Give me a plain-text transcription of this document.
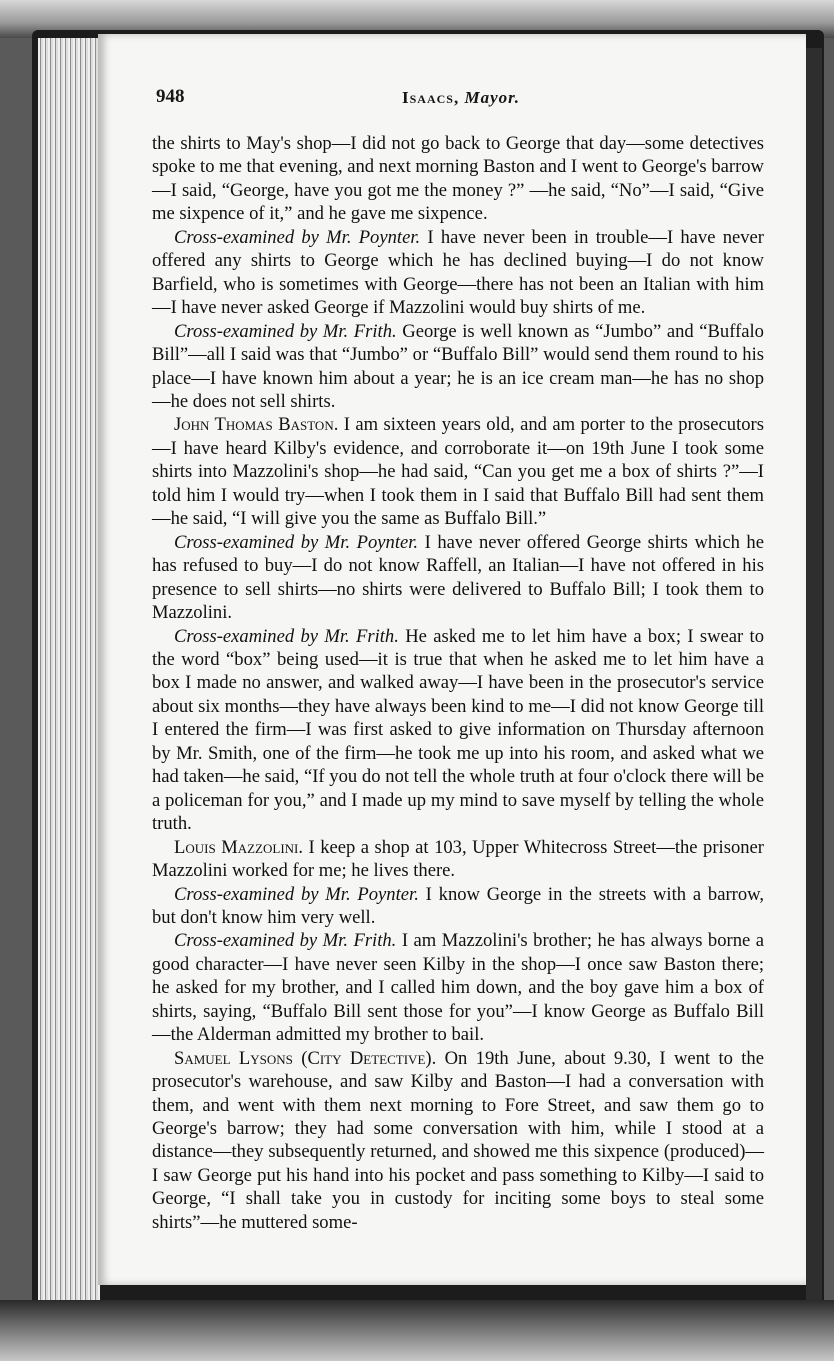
948	Isaacs, Mayor.

the shirts to May's shop—I did not go back to George that day—some detectives spoke to me that evening, and next morning Baston and I went to George's barrow—I said, “George, have you got me the money ?” —he said, “No”—I said, “Give me sixpence of it,” and he gave me sixpence.

Cross-examined by Mr. Poynter. I have never been in trouble—I have never offered any shirts to George which he has declined buying—I do not know Barfield, who is sometimes with George—there has not been an Italian with him—I have never asked George if Mazzolini would buy shirts of me.

Cross-examined by Mr. Frith. George is well known as “Jumbo” and “Buffalo Bill”—all I said was that “Jumbo” or “Buffalo Bill” would send them round to his place—I have known him about a year; he is an ice cream man—he has no shop—he does not sell shirts.

John Thomas Baston. I am sixteen years old, and am porter to the prosecutors—I have heard Kilby's evidence, and corroborate it—on 19th June I took some shirts into Mazzolini's shop—he had said, “Can you get me a box of shirts ?”—I told him I would try—when I took them in I said that Buffalo Bill had sent them—he said, “I will give you the same as Buffalo Bill.”

Cross-examined by Mr. Poynter. I have never offered George shirts which he has refused to buy—I do not know Raffell, an Italian—I have not offered in his presence to sell shirts—no shirts were delivered to Buffalo Bill; I took them to Mazzolini.

Cross-examined by Mr. Frith. He asked me to let him have a box; I swear to the word “box” being used—it is true that when he asked me to let him have a box I made no answer, and walked away—I have been in the prosecutor's service about six months—they have always been kind to me—I did not know George till I entered the firm—I was first asked to give information on Thursday afternoon by Mr. Smith, one of the firm—he took me up into his room, and asked what we had taken—he said, “If you do not tell the whole truth at four o'clock there will be a policeman for you,” and I made up my mind to save myself by telling the whole truth.

Louis Mazzolini. I keep a shop at 103, Upper Whitecross Street—the prisoner Mazzolini worked for me; he lives there.

Cross-examined by Mr. Poynter. I know George in the streets with a barrow, but don't know him very well.

Cross-examined by Mr. Frith. I am Mazzolini's brother; he has always borne a good character—I have never seen Kilby in the shop—I once saw Baston there; he asked for my brother, and I called him down, and the boy gave him a box of shirts, saying, “Buffalo Bill sent those for you”—I know George as Buffalo Bill—the Alderman admitted my brother to bail.

Samuel Lysons (City Detective). On 19th June, about 9.30, I went to the prosecutor's warehouse, and saw Kilby and Baston—I had a conversation with them, and went with them next morning to Fore Street, and saw them go to George's barrow; they had some conversation with him, while I stood at a distance—they subsequently returned, and showed me this sixpence (produced)—I saw George put his hand into his pocket and pass something to Kilby—I said to George, “I shall take you in custody for inciting some boys to steal some shirts”—he muttered some-
